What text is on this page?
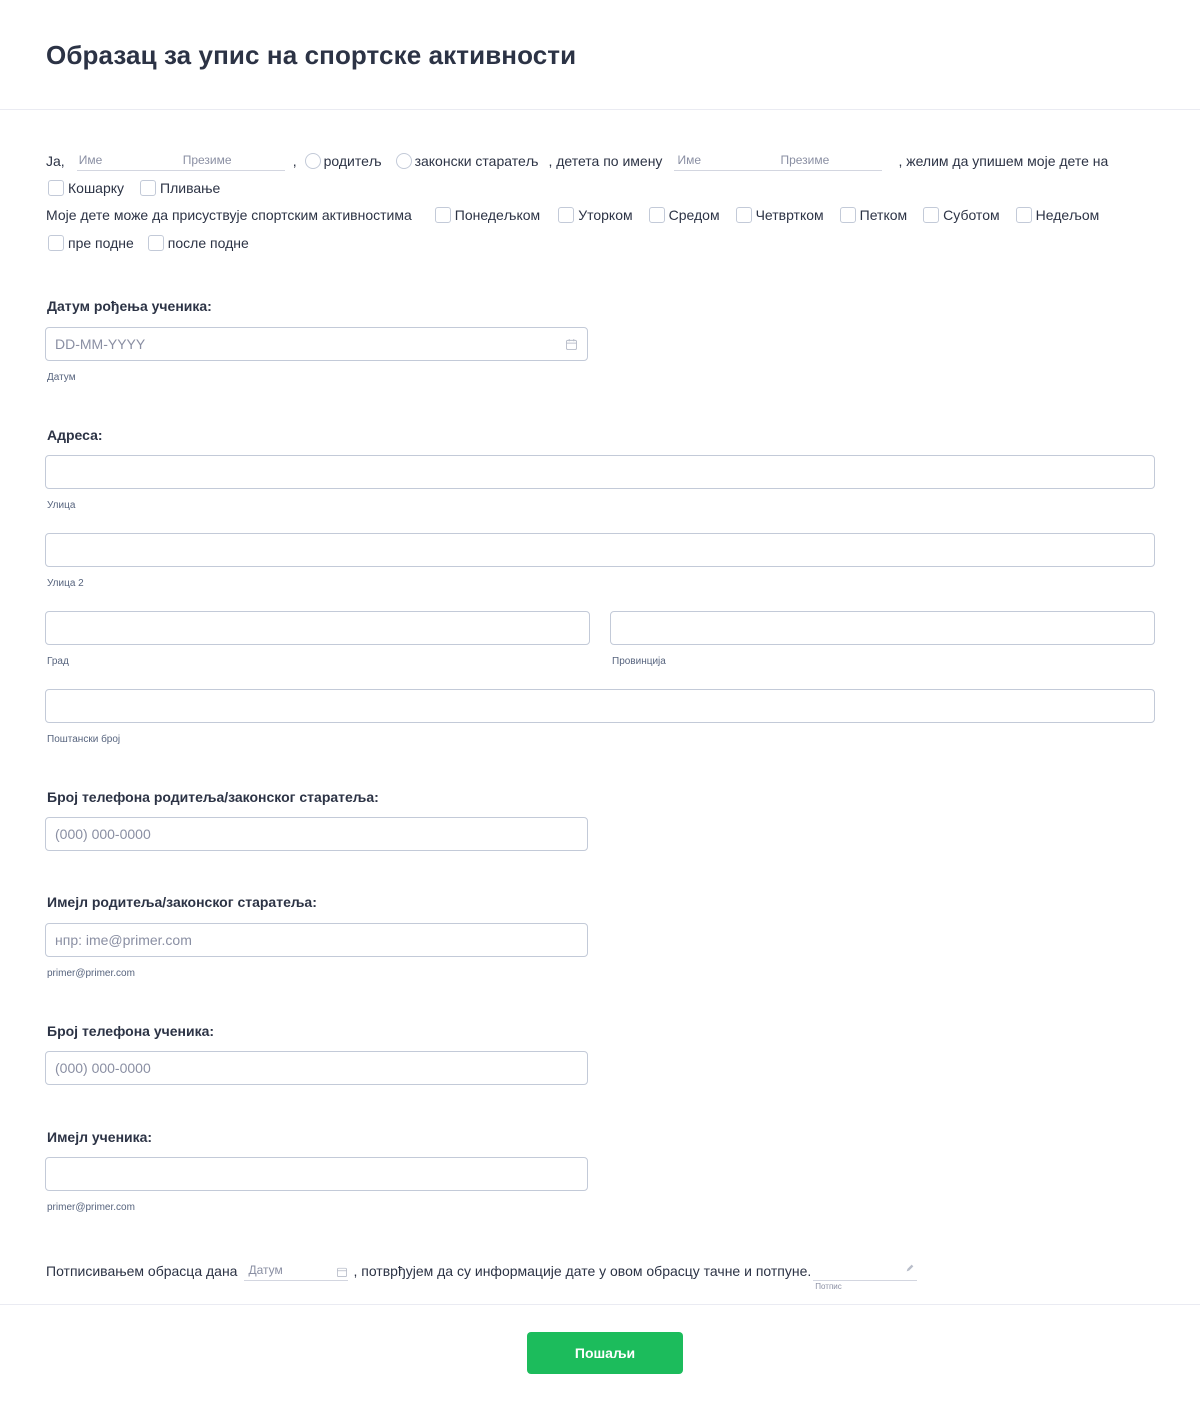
Образац за упис на спортске активности
Ја, Име	Презиме	, родитељ законски старатељ , детета по имену Име	Презиме	, желим да упишем моје дете на
Кошарку	Пливање
Моје дете може да присуствује спортским активностима	Понедељком	Уторком	Средом	Четвртком	Петком	Суботом	Недељом
пре подне после подне
Датум рођења ученика:
DD-MM-YYYY
Датум
Адреса:
Улица
Улица 2
Град	Провинција
Поштански број
Број телефона родитеља/законског старатеља:
(000) 000-0000
Имејл родитеља/законског старатеља:
нпр: ime@primer.com
primer@primer.com
Број телефона ученика:
(000) 000-0000
Имејл ученика:
primer@primer.com
Потписивањем обрасца дана Датум	, потврђујем да су информације дате у овом обрасцу тачне и потпуне.
Потпис
Пошаљи
